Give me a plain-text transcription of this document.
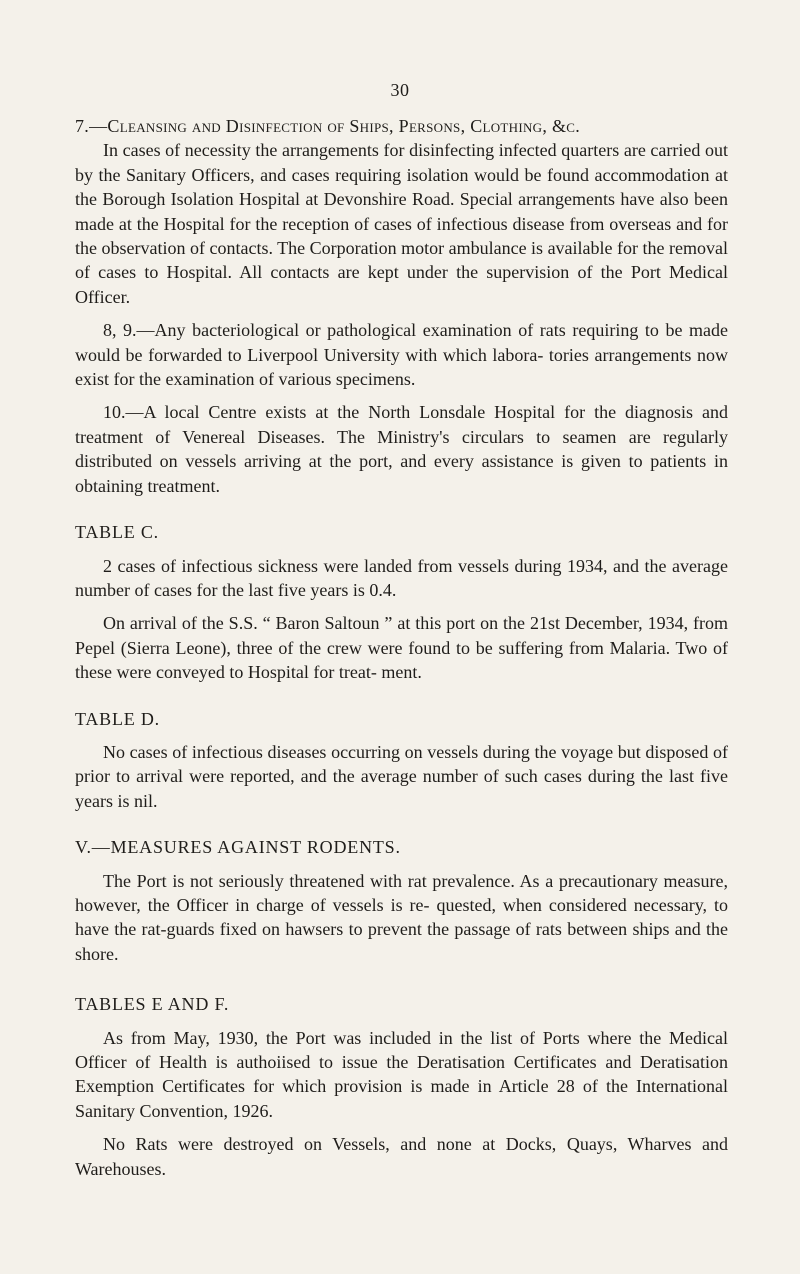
30

7.—Cleansing and Disinfection of Ships, Persons, Clothing, &c.

In cases of necessity the arrangements for disinfecting infected quarters are carried out by the Sanitary Officers, and cases requiring isolation would be found accommodation at the Borough Isolation Hospital at Devonshire Road. Special arrangements have also been made at the Hospital for the reception of cases of infectious disease from overseas and for the observation of contacts. The Corporation motor ambulance is available for the removal of cases to Hospital. All contacts are kept under the supervision of the Port Medical Officer.

8, 9.—Any bacteriological or pathological examination of rats requiring to be made would be forwarded to Liverpool University with which labora- tories arrangements now exist for the examination of various specimens.

10.—A local Centre exists at the North Lonsdale Hospital for the diagnosis and treatment of Venereal Diseases. The Ministry's circulars to seamen are regularly distributed on vessels arriving at the port, and every assistance is given to patients in obtaining treatment.

TABLE C.

2 cases of infectious sickness were landed from vessels during 1934, and the average number of cases for the last five years is 0.4.

On arrival of the S.S. “ Baron Saltoun ” at this port on the 21st December, 1934, from Pepel (Sierra Leone), three of the crew were found to be suffering from Malaria. Two of these were conveyed to Hospital for treat- ment.

TABLE D.

No cases of infectious diseases occurring on vessels during the voyage but disposed of prior to arrival were reported, and the average number of such cases during the last five years is nil.

V.—MEASURES AGAINST RODENTS.

The Port is not seriously threatened with rat prevalence. As a precautionary measure, however, the Officer in charge of vessels is re- quested, when considered necessary, to have the rat-guards fixed on hawsers to prevent the passage of rats between ships and the shore.

TABLES E AND F.

As from May, 1930, the Port was included in the list of Ports where the Medical Officer of Health is authoiised to issue the Deratisation Certificates and Deratisation Exemption Certificates for which provision is made in Article 28 of the International Sanitary Convention, 1926.

No Rats were destroyed on Vessels, and none at Docks, Quays, Wharves and Warehouses.
